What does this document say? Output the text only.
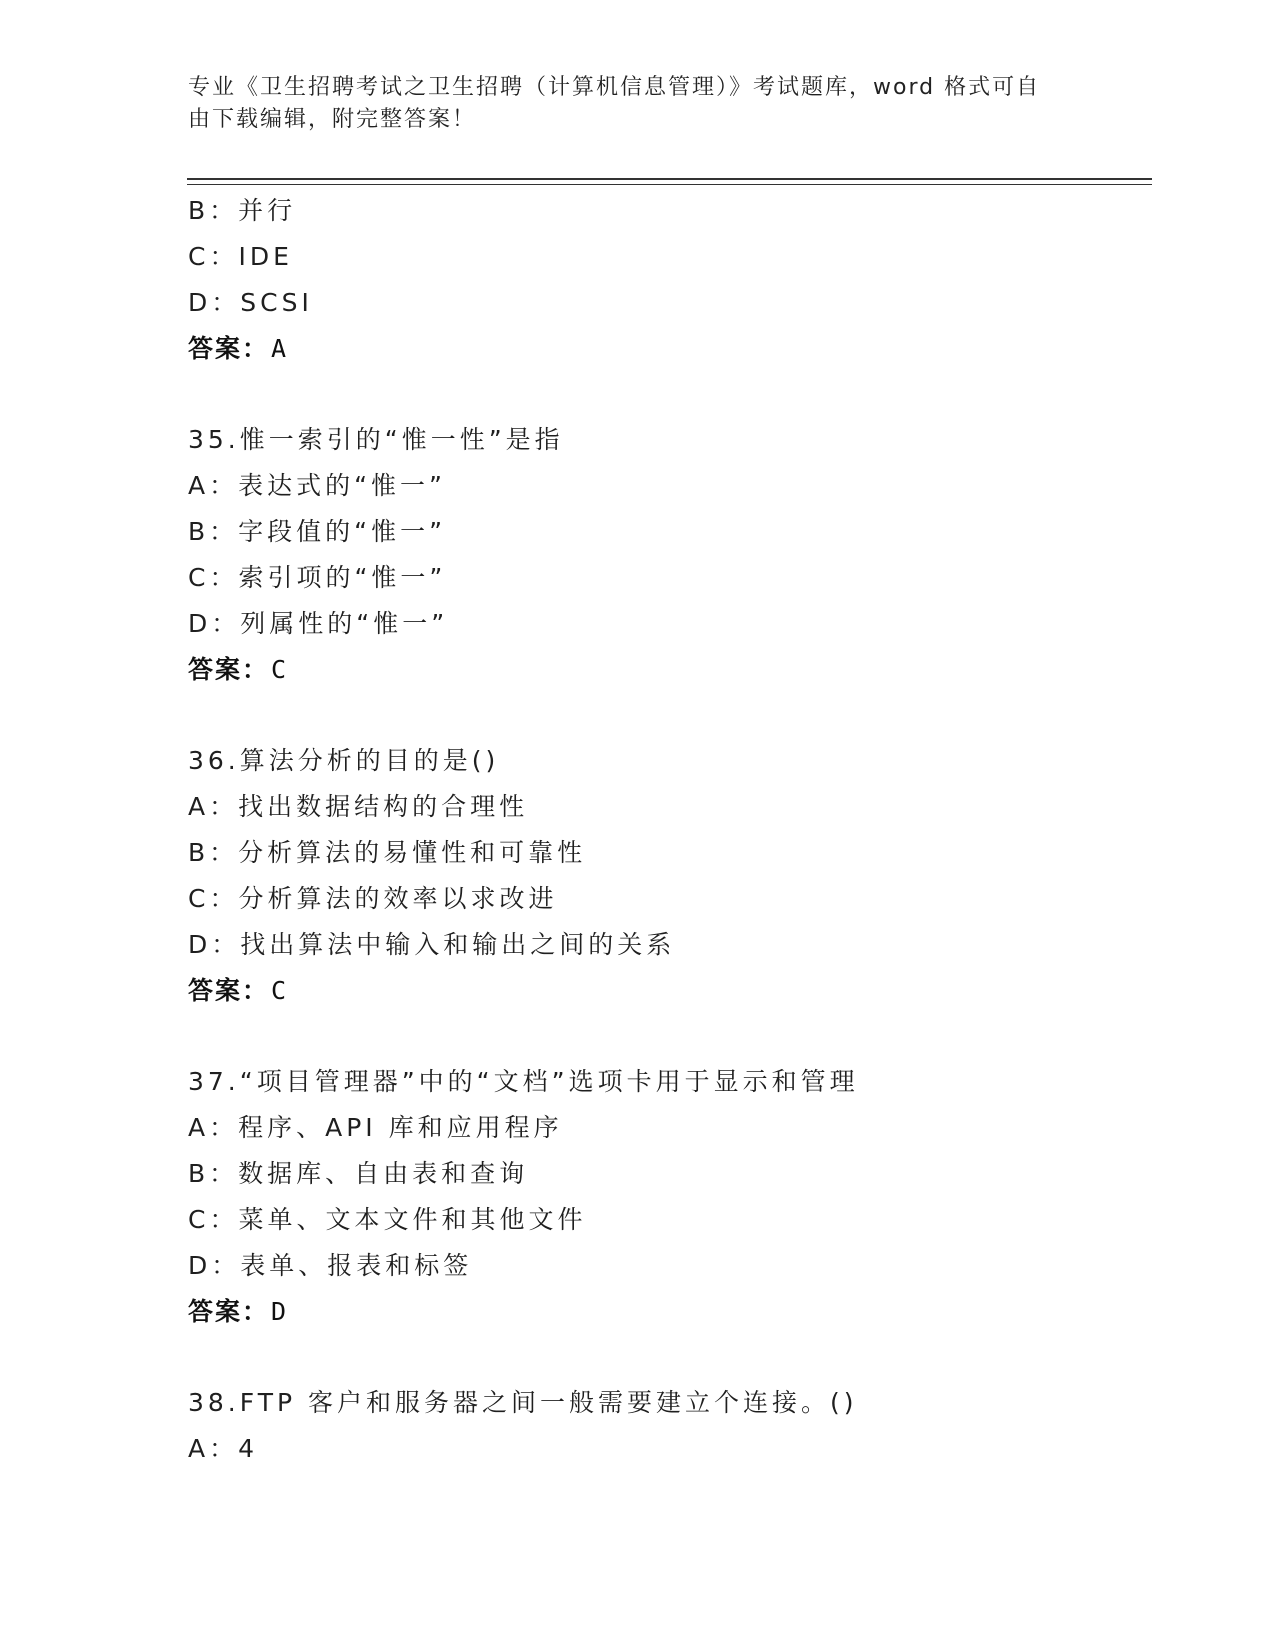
专业《卫生招聘考试之卫生招聘（计算机信息管理）》考试题库，word 格式可自
由下载编辑，附完整答案！
B：并行
C：IDE
D：SCSI
答案：A
35.惟一索引的“惟一性”是指
A：表达式的“惟一”
B：字段值的“惟一”
C：索引项的“惟一”
D：列属性的“惟一”
答案：C
36.算法分析的目的是()
A：找出数据结构的合理性
B：分析算法的易懂性和可靠性
C：分析算法的效率以求改进
D：找出算法中输入和输出之间的关系
答案：C
37.“项目管理器”中的“文档”选项卡用于显示和管理
A：程序、API 库和应用程序
B：数据库、自由表和查询
C：菜单、文本文件和其他文件
D：表单、报表和标签
答案：D
38.FTP 客户和服务器之间一般需要建立个连接。()
A：4
